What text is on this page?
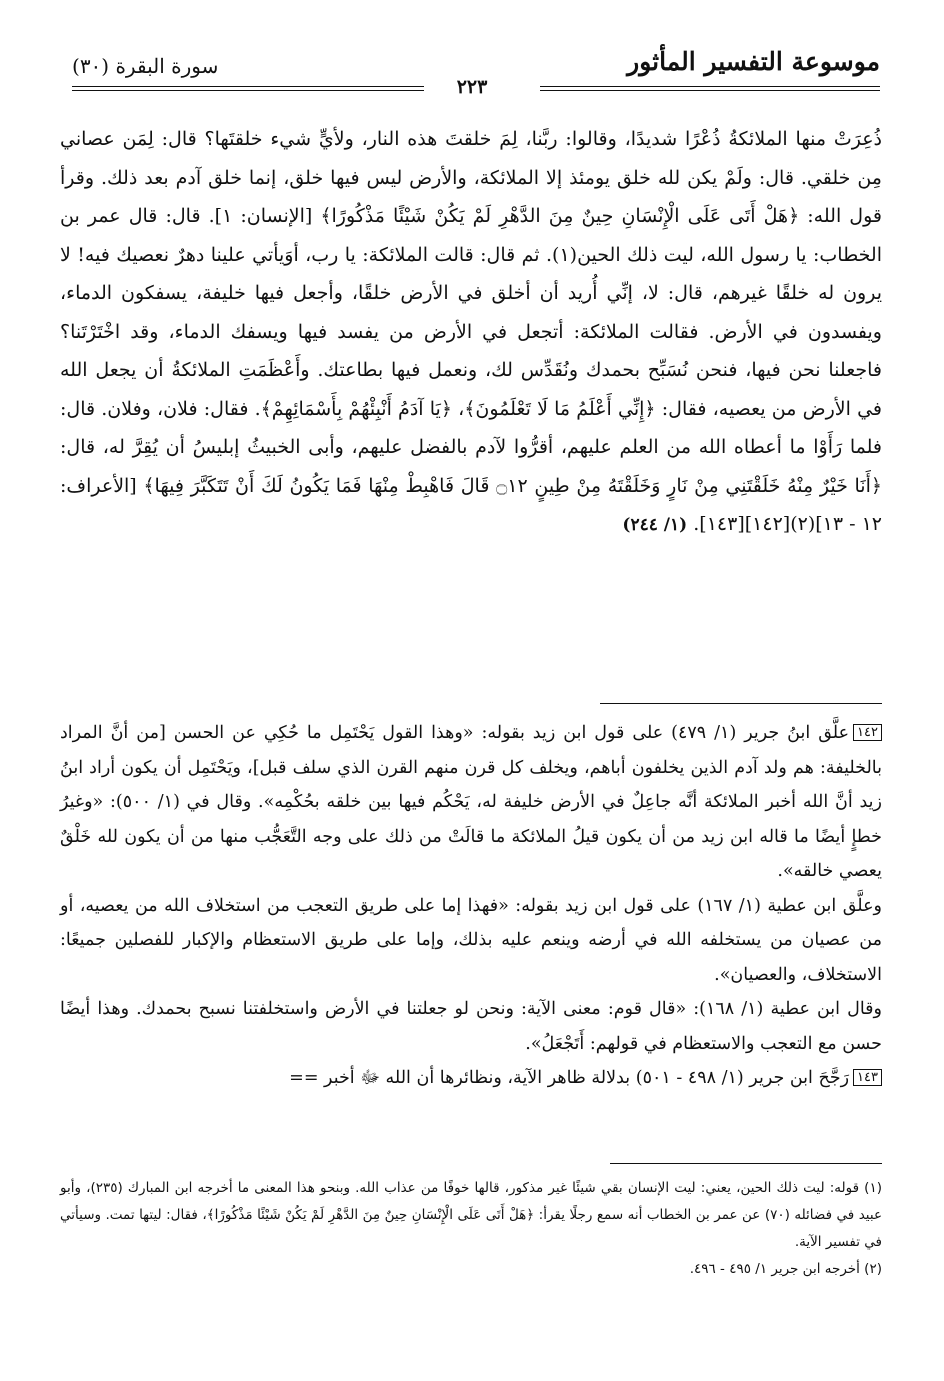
موسوعة التفسير المأثور
سورة البقرة (٣٠)
٢٢٣
ذُعِرَتْ منها الملائكةُ ذُعْرًا شديدًا، وقالوا: ربَّنا، لِمَ خلقتَ هذه النار، ولأيٍّ شيء خلقتَها؟ قال: لِمَن عصاني مِن خلقي. قال: ولَمْ يكن لله خلق يومئذ إلا الملائكة، والأرض ليس فيها خلق، إنما خلق آدم بعد ذلك. وقرأ قول الله: ﴿هَلْ أَتَى عَلَى الْإِنْسَانِ حِينٌ مِنَ الدَّهْرِ لَمْ يَكُنْ شَيْئًا مَذْكُورًا﴾ [الإنسان: ١]. قال: قال عمر بن الخطاب: يا رسول الله، ليت ذلك الحين(١). ثم قال: قالت الملائكة: يا رب، أوَيأتي علينا دهرٌ نعصيك فيه! لا يرون له خلقًا غيرهم، قال: لا، إنِّي أُريد أن أخلق في الأرض خلقًا، وأجعل فيها خليفة، يسفكون الدماء، ويفسدون في الأرض. فقالت الملائكة: أتجعل في الأرض من يفسد فيها ويسفك الدماء، وقد اخْتَرْتَنا؟ فاجعلنا نحن فيها، فنحن نُسَبِّح بحمدك ونُقَدِّس لك، ونعمل فيها بطاعتك. وأَعْظَمَتِ الملائكةُ أن يجعل الله في الأرض من يعصيه، فقال: ﴿إِنِّي أَعْلَمُ مَا لَا تَعْلَمُونَ﴾، ﴿يَا آدَمُ أَنْبِئْهُمْ بِأَسْمَائِهِمْ﴾. فقال: فلان، وفلان. قال: فلما رَأَوْا ما أعطاه الله من العلم عليهم، أقرُّوا لآدم بالفضل عليهم، وأبى الخبيثُ إبليسُ أن يُقِرَّ له، قال: ﴿أَنَا خَيْرٌ مِنْهُ خَلَقْتَنِي مِنْ نَارٍ وَخَلَقْتَهُ مِنْ طِينٍ ۝١٢ قَالَ فَاهْبِطْ مِنْهَا فَمَا يَكُونُ لَكَ أَنْ تَتَكَبَّرَ فِيهَا﴾ [الأعراف: ١٢ - ١٣](٢)[١٤٢][١٤٣]. (١/ ٢٤٤)

١٤٢علَّق ابنُ جرير (١/ ٤٧٩) على قول ابن زيد بقوله: «وهذا القول يَحْتَمِل ما حُكِي عن الحسن [من أنَّ المراد بالخليفة: هم ولد آدم الذين يخلفون أباهم، ويخلف كل قرن منهم القرن الذي سلف قبل]، ويَحْتَمِل أن يكون أراد ابنُ زيد أنَّ الله أخبر الملائكة أنَّه جاعِلٌ في الأرض خليفة له، يَحْكُم فيها بين خلقه بحُكْمِه». وقال في (١/ ٥٠٠): «وغيرُ خطإٍ أيضًا ما قاله ابن زيد من أن يكون قيلُ الملائكة ما قالَتْ من ذلك على وجه التَّعَجُّب منها من أن يكون لله خَلْقٌ يعصي خالقه».

وعلَّق ابن عطية (١/ ١٦٧) على قول ابن زيد بقوله: «فهذا إما على طريق التعجب من استخلاف الله من يعصيه، أو من عصيان من يستخلفه الله في أرضه وينعم عليه بذلك، وإما على طريق الاستعظام والإكبار للفصلين جميعًا: الاستخلاف، والعصيان».

وقال ابن عطية (١/ ١٦٨): «قال قوم: معنى الآية: ونحن لو جعلتنا في الأرض واستخلفتنا نسبح بحمدك. وهذا أيضًا حسن مع التعجب والاستعظام في قولهم: أَتَجْعَلُ».

١٤٣رَجَّحَ ابن جرير (١/ ٤٩٨ - ٥٠١) بدلالة ظاهر الآية، ونظائرها أن الله ﷻ أخبر ==

(١) قوله: ليت ذلك الحين، يعني: ليت الإنسان بقي شيئًا غير مذكور، قالها خوفًا من عذاب الله. وبنحو هذا المعنى ما أخرجه ابن المبارك (٢٣٥)، وأبو عبيد في فضائله (٧٠) عن عمر بن الخطاب أنه سمع رجلًا يقرأ: ﴿هَلْ أَتَى عَلَى الْإِنْسَانِ حِينٌ مِنَ الدَّهْرِ لَمْ يَكُنْ شَيْئًا مَذْكُورًا﴾، فقال: ليتها تمت. وسيأتي في تفسير الآية.

(٢) أخرجه ابن جرير ١/ ٤٩٥ - ٤٩٦.
